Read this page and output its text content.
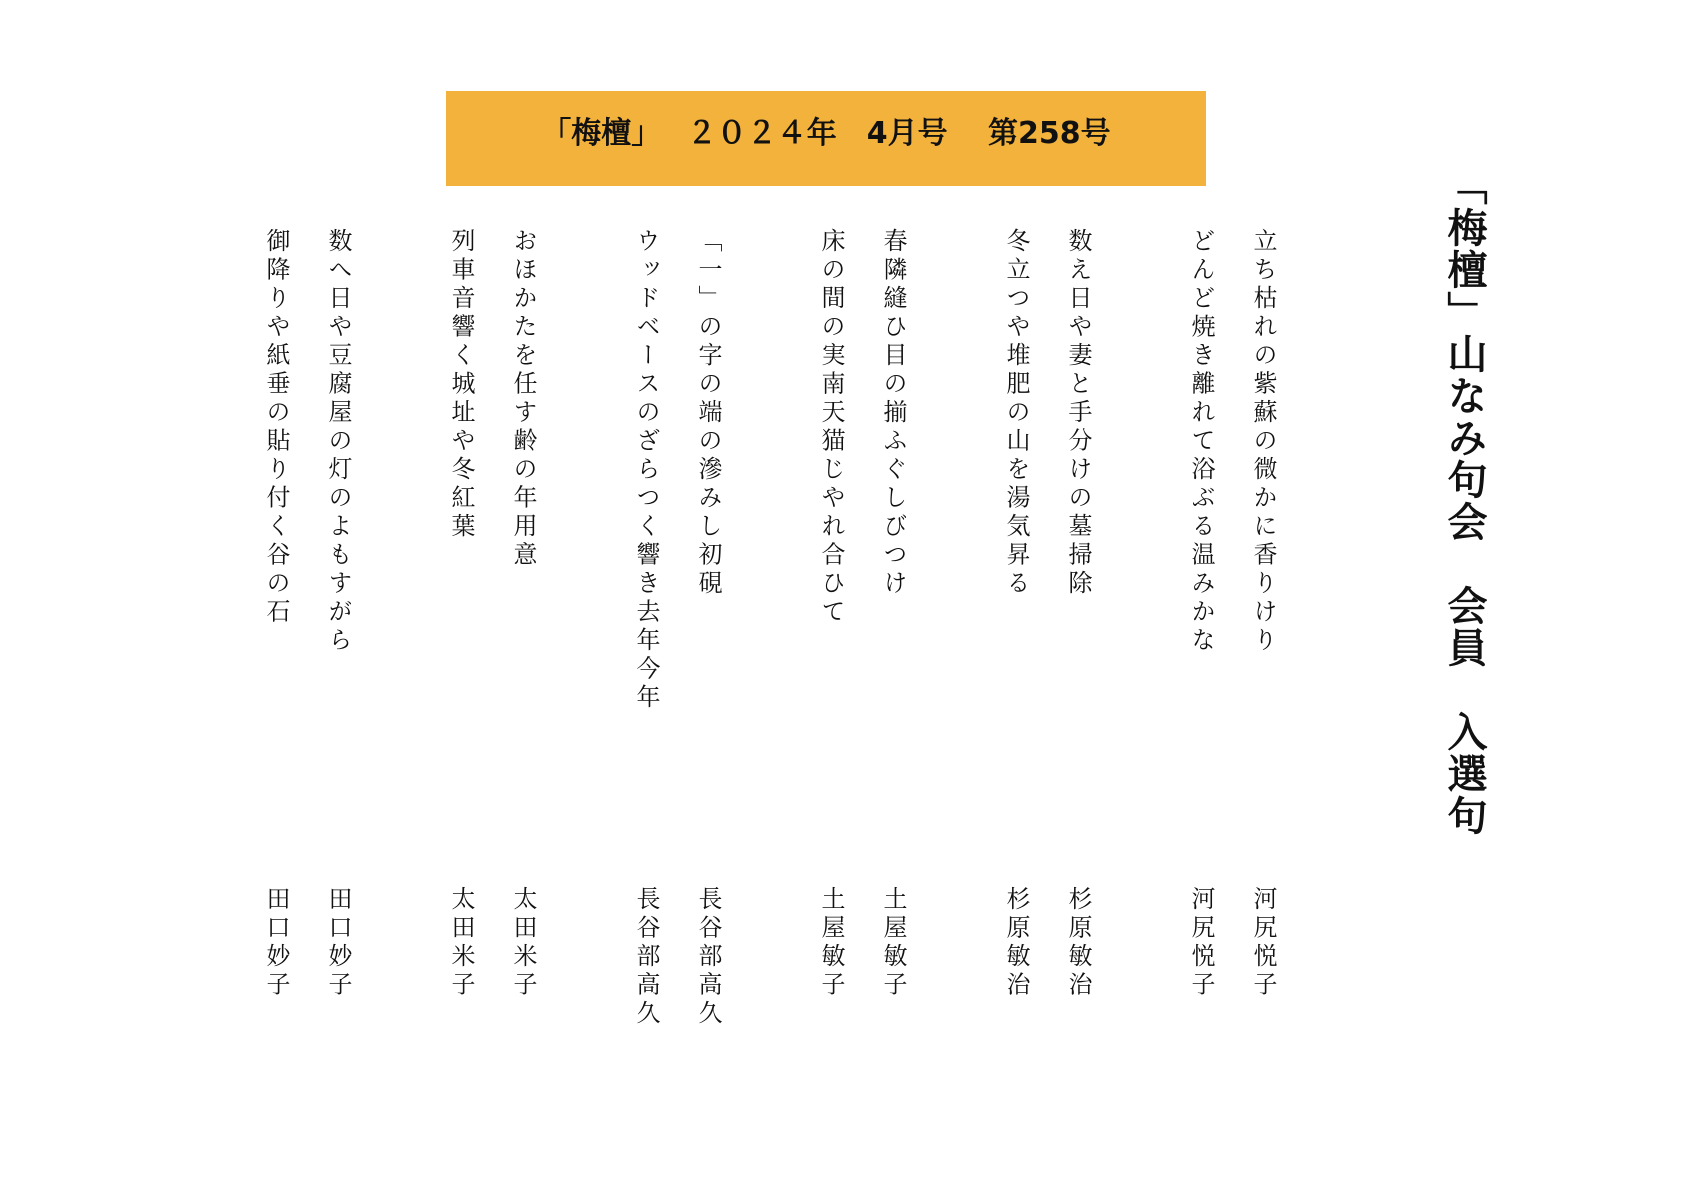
「梅檀」　 ２０２４年　4月号　 第258号
「梅檀」山なみ句会　会員　入選句
立ち枯れの紫蘇の微かに香りけり
河尻悦子
どんど焼き離れて浴ぶる温みかな
河尻悦子
数え日や妻と手分けの墓掃除
杉原敏治
冬立つや堆肥の山を湯気昇る
杉原敏治
春隣縫ひ目の揃ふぐしびつけ
土屋敏子
床の間の実南天猫じやれ合ひて
土屋敏子
「一」の字の端の滲みし初硯
長谷部高久
ウッドベースのざらつく響き去年今年
長谷部高久
おほかたを任す齢の年用意
太田米子
列車音響く城址や冬紅葉
太田米子
数へ日や豆腐屋の灯のよもすがら
田口妙子
御降りや紙垂の貼り付く谷の石
田口妙子
